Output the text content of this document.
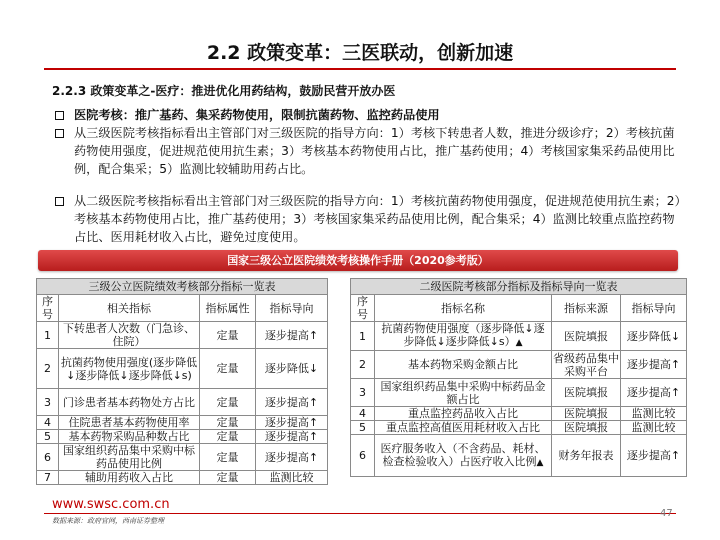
2.2 政策变革：三医联动，创新加速
2.2.3 政策变革之-医疗：推进优化用药结构，鼓励民营开放办医
医院考核：推广基药、集采药物使用，限制抗菌药物、监控药品使用
从三级医院考核指标看出主管部门对三级医院的指导方向：1）考核下转患者人数，推进分级诊疗；2）考核抗菌药物使用强度，促进规范使用抗生素；3）考核基本药物使用占比，推广基药使用；4）考核国家集采药品使用比例，配合集采；5）监测比较辅助用药占比。
从二级医院考核指标看出主管部门对三级医院的指导方向：1）考核抗菌药物使用强度，促进规范使用抗生素；2）考核基本药物使用占比，推广基药使用；3）考核国家集采药品使用比例，配合集采；4）监测比较重点监控药物占比、医用耗材收入占比，避免过度使用。
国家三级公立医院绩效考核操作手册（2020参考版）
三级公立医院绩效考核部分指标一览表			
序号	相关指标	指标属性	指标导向
1	下转患者人次数（门急诊、住院）	定量	逐步提高↑
2	抗菌药物使用强度(逐步降低↓逐步降低↓逐步降低↓s)	定量	逐步降低↓
3	门诊患者基本药物处方占比	定量	逐步提高↑
4	住院患者基本药物使用率	定量	逐步提高↑
5	基本药物采购品种数占比	定量	逐步提高↑
6	国家组织药品集中采购中标药品使用比例	定量	逐步提高↑
7	辅助用药收入占比	定量	监测比较
二级医院考核部分指标及指标导向一览表			
序号	指标名称	指标来源	指标导向
1	抗菌药物使用强度（逐步降低↓逐步降低↓逐步降低↓s）▲	医院填报	逐步降低↓
2	基本药物采购金额占比	省级药品集中采购平台	逐步提高↑
3	国家组织药品集中采购中标药品金额占比	医院填报	逐步提高↑
4	重点监控药品收入占比	医院填报	监测比较
5	重点监控高值医用耗材收入占比	医院填报	监测比较
6	医疗服务收入（不含药品、耗材、检查检验收入）占医疗收入比例▲	财务年报表	逐步提高↑
www.swsc.com.cn
数据来源：政府官网，西南证券整理
47
